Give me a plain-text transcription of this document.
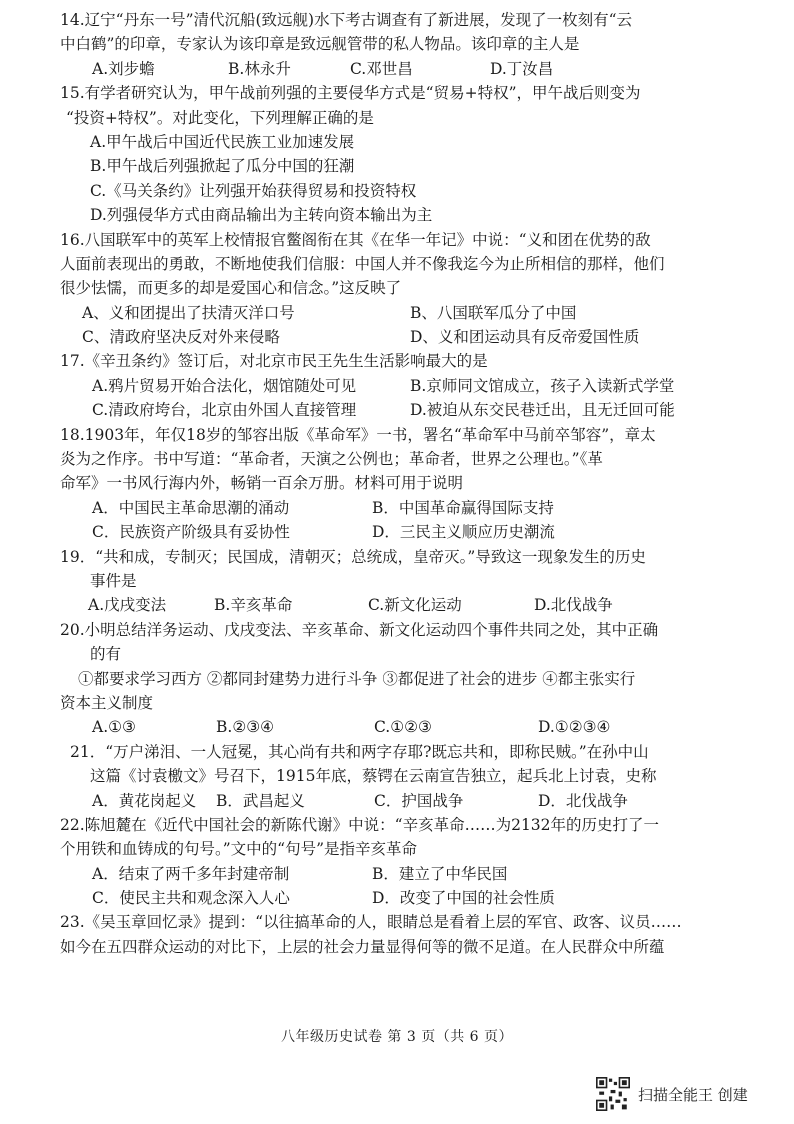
14.辽宁“丹东一号”清代沉船(致远舰)水下考古调查有了新进展，发现了一枚刻有“云
中白鹤”的印章，专家认为该印章是致远舰管带的私人物品。该印章的主人是
A.刘步蟾	B.林永升	C.邓世昌	D.丁汝昌
15.有学者研究认为，甲午战前列强的主要侵华方式是“贸易+特权”，甲午战后则变为
“投资+特权”。对此变化，下列理解正确的是
A.甲午战后中国近代民族工业加速发展
B.甲午战后列强掀起了瓜分中国的狂潮
C.《马关条约》让列强开始获得贸易和投资特权
D.列强侵华方式由商品输出为主转向资本输出为主
16.八国联军中的英军上校情报官鳖阁衔在其《在华一年记》中说：“义和团在优势的敌
人面前表现出的勇敢，不断地使我们信服：中国人并不像我迄今为止所相信的那样，他们
很少怯懦，而更多的却是爱国心和信念。”这反映了
A、义和团提出了扶清灭洋口号	B、八国联军瓜分了中国
C、清政府坚决反对外来侵略	D、义和团运动具有反帝爱国性质
17.《辛丑条约》签订后，对北京市民王先生生活影响最大的是
A.鸦片贸易开始合法化，烟馆随处可见	B.京师同文馆成立，孩子入读新式学堂
C.清政府垮台，北京由外国人直接管理	D.被迫从东交民巷迁出，且无迁回可能
18.1903年，年仅18岁的邹容出版《革命军》一书，署名“革命军中马前卒邹容”，章太
炎为之作序。书中写道：“革命者，天演之公例也；革命者，世界之公理也。”《革
命军》一书风行海内外，畅销一百余万册。材料可用于说明
A．中国民主革命思潮的涌动	B．中国革命赢得国际支持
C．民族资产阶级具有妥协性	D．三民主义顺应历史潮流
19．“共和成，专制灭；民国成，清朝灭；总统成，皇帝灭。”导致这一现象发生的历史
事件是
A.戊戌变法	B.辛亥革命	C.新文化运动	D.北伐战争
20.小明总结洋务运动、戊戌变法、辛亥革命、新文化运动四个事件共同之处，其中正确
的有
①都要求学习西方 ②都同封建势力进行斗争 ③都促进了社会的进步 ④都主张实行
资本主义制度
A.①③	B.②③④	C.①②③	D.①②③④
21．“万户涕泪、一人冠冕，其心尚有共和两字存耶?既忘共和，即称民贼。”在孙中山
这篇《讨袁檄文》号召下，1915年底，蔡锷在云南宣告独立，起兵北上讨袁，史称
A．黄花岗起义 B．武昌起义	C．护国战争	D．北伐战争
22.陈旭麓在《近代中国社会的新陈代谢》中说：“辛亥革命……为2132年的历史打了一
个用铁和血铸成的句号。”文中的“句号”是指辛亥革命
A．结束了两千多年封建帝制	B．建立了中华民国
C．使民主共和观念深入人心	D．改变了中国的社会性质
23.《吴玉章回忆录》提到：“以往搞革命的人，眼睛总是看着上层的军官、政客、议员……
如今在五四群众运动的对比下，上层的社会力量显得何等的微不足道。在人民群众中所蕴
八年级历史试卷 第 3 页（共 6 页）
扫描全能王 创建
